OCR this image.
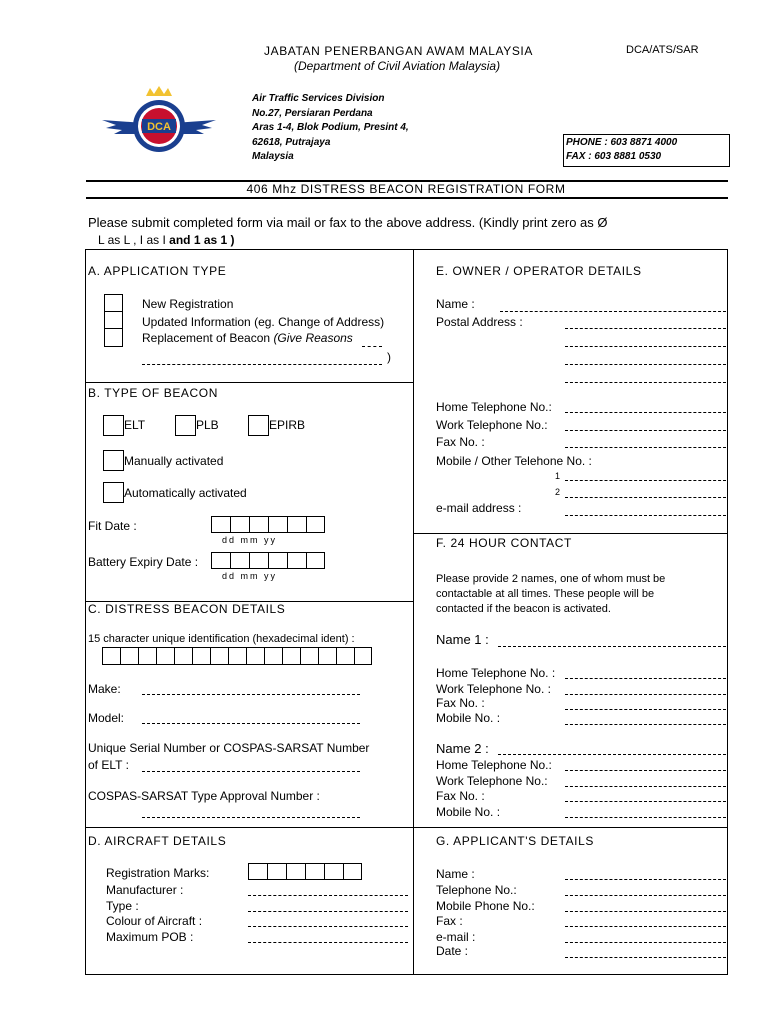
JABATAN PENERBANGAN AWAM MALAYSIA
(Department of Civil Aviation Malaysia)
DCA/ATS/SAR
DCA
Air Traffic Services Division
No.27, Persiaran Perdana
Aras 1-4, Blok Podium, Presint 4,
62618, Putrajaya
Malaysia
PHONE : 603 8871 4000
FAX : 603 8881 0530
406 Mhz DISTRESS BEACON REGISTRATION FORM
Please submit completed form via mail or fax to the above address. (Kindly print zero as Ø
L as L , I as I and 1 as 1 )
A. APPLICATION TYPE
New Registration
Updated Information (eg. Change of Address)
Replacement of Beacon (Give Reasons
)
B. TYPE OF BEACON
ELT	PLB	EPIRB
Manually activated
Automatically activated
Fit Date :
dd mm yy
Battery Expiry Date :
dd mm yy
C. DISTRESS BEACON DETAILS
15 character unique identification (hexadecimal ident) :
Make:
Model:
Unique Serial Number or COSPAS-SARSAT Number
of ELT :
COSPAS-SARSAT Type Approval Number :
D. AIRCRAFT DETAILS
Registration Marks:
Manufacturer :
Type :
Colour of Aircraft :
Maximum POB :
E. OWNER / OPERATOR DETAILS
Name :
Postal Address :
Home Telephone No.:
Work Telephone No.:
Fax No. :
Mobile / Other Telehone No. :
1
2
e-mail address :
F. 24 HOUR CONTACT
Please provide 2 names, one of whom must be
contactable at all times. These people will be
contacted if the beacon is activated.
Name 1 :
Home Telephone No. :
Work Telephone No. :
Fax No. :
Mobile No. :
Name 2 :
Home Telephone No.:
Work Telephone No.:
Fax No. :
Mobile No. :
G. APPLICANT'S DETAILS
Name :
Telephone No.:
Mobile Phone No.:
Fax :
e-mail :
Date :
